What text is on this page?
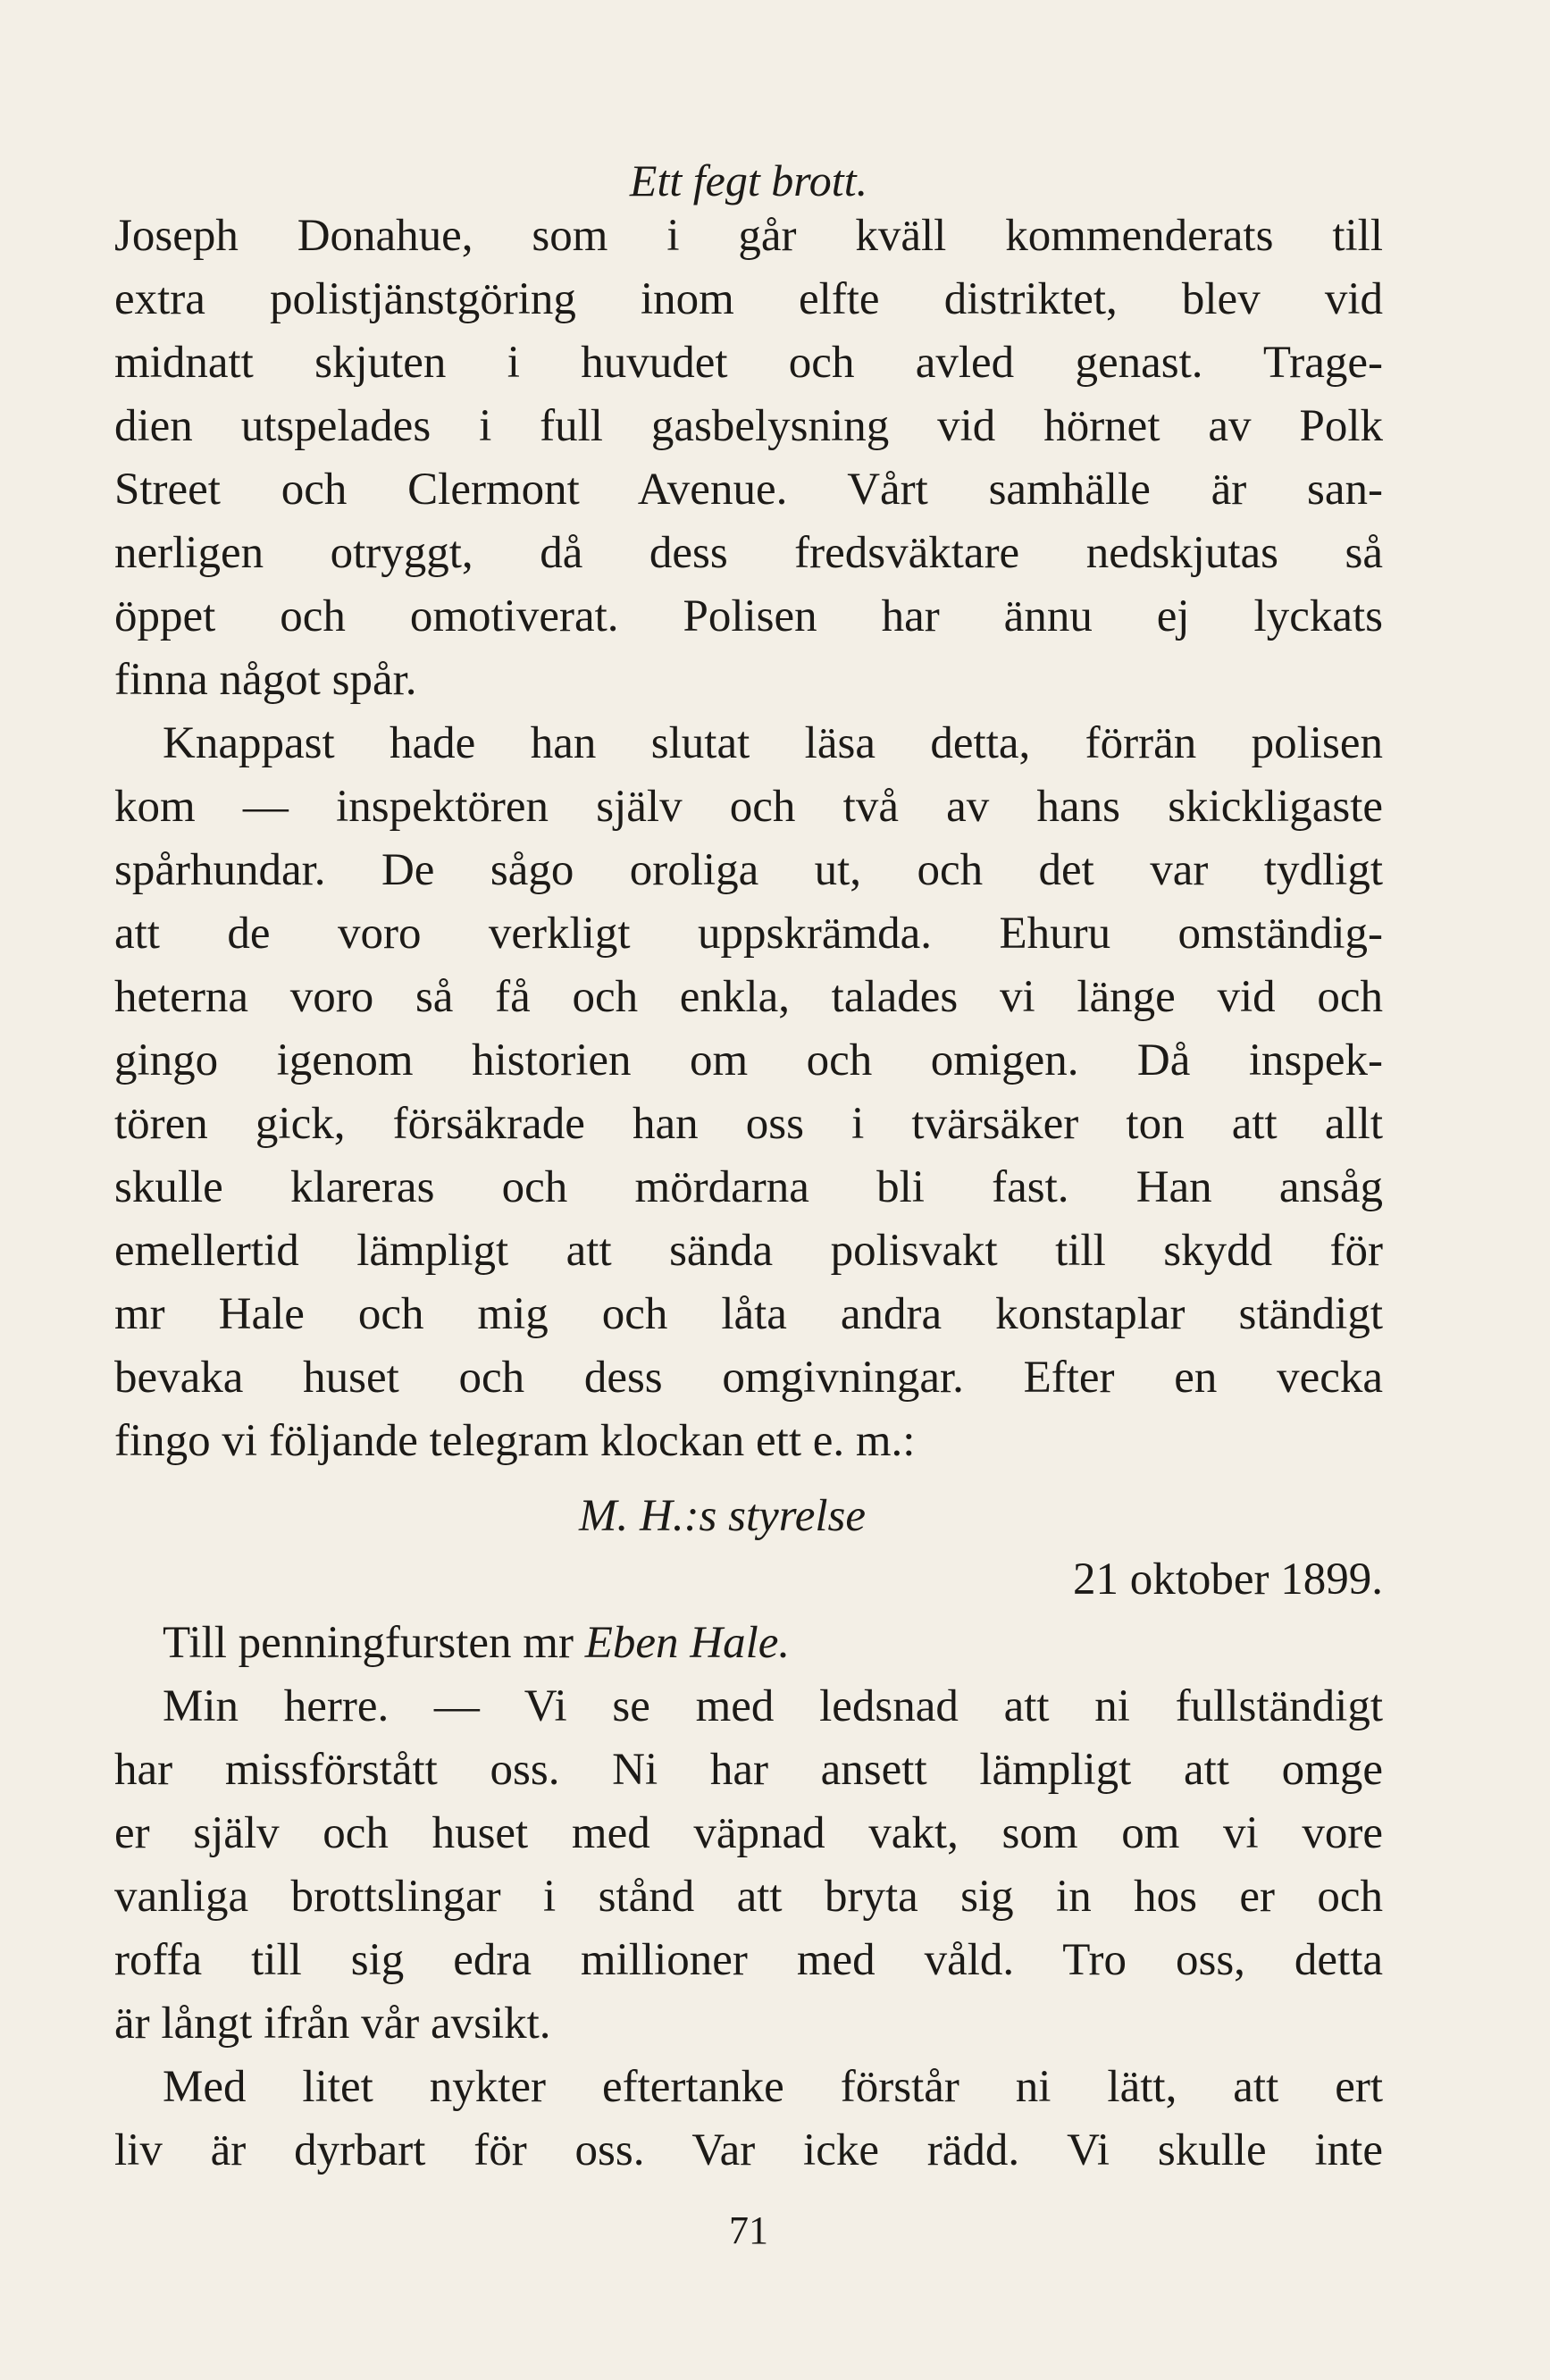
Ett fegt brott.
Joseph Donahue, som i går kväll kommenderats till
extra polistjänstgöring inom elfte distriktet, blev vid
midnatt skjuten i huvudet och avled genast. Trage-
dien utspelades i full gasbelysning vid hörnet av Polk
Street och Clermont Avenue. Vårt samhälle är san-
nerligen otryggt, då dess fredsväktare nedskjutas så
öppet och omotiverat. Polisen har ännu ej lyckats
finna något spår.
Knappast hade han slutat läsa detta, förrän polisen
kom — inspektören själv och två av hans skickligaste
spårhundar. De sågo oroliga ut, och det var tydligt
att de voro verkligt uppskrämda. Ehuru omständig-
heterna voro så få och enkla, talades vi länge vid och
gingo igenom historien om och omigen. Då inspek-
tören gick, försäkrade han oss i tvärsäker ton att allt
skulle klareras och mördarna bli fast. Han ansåg
emellertid lämpligt att sända polisvakt till skydd för
mr Hale och mig och låta andra konstaplar ständigt
bevaka huset och dess omgivningar. Efter en vecka
fingo vi följande telegram klockan ett e. m.:
M. H.:s styrelse
21 oktober 1899.
Till penningfursten mr Eben Hale.
Min herre. — Vi se med ledsnad att ni fullständigt
har missförstått oss. Ni har ansett lämpligt att omge
er själv och huset med väpnad vakt, som om vi vore
vanliga brottslingar i stånd att bryta sig in hos er och
roffa till sig edra millioner med våld. Tro oss, detta
är långt ifrån vår avsikt.
Med litet nykter eftertanke förstår ni lätt, att ert
liv är dyrbart för oss. Var icke rädd. Vi skulle inte
71
